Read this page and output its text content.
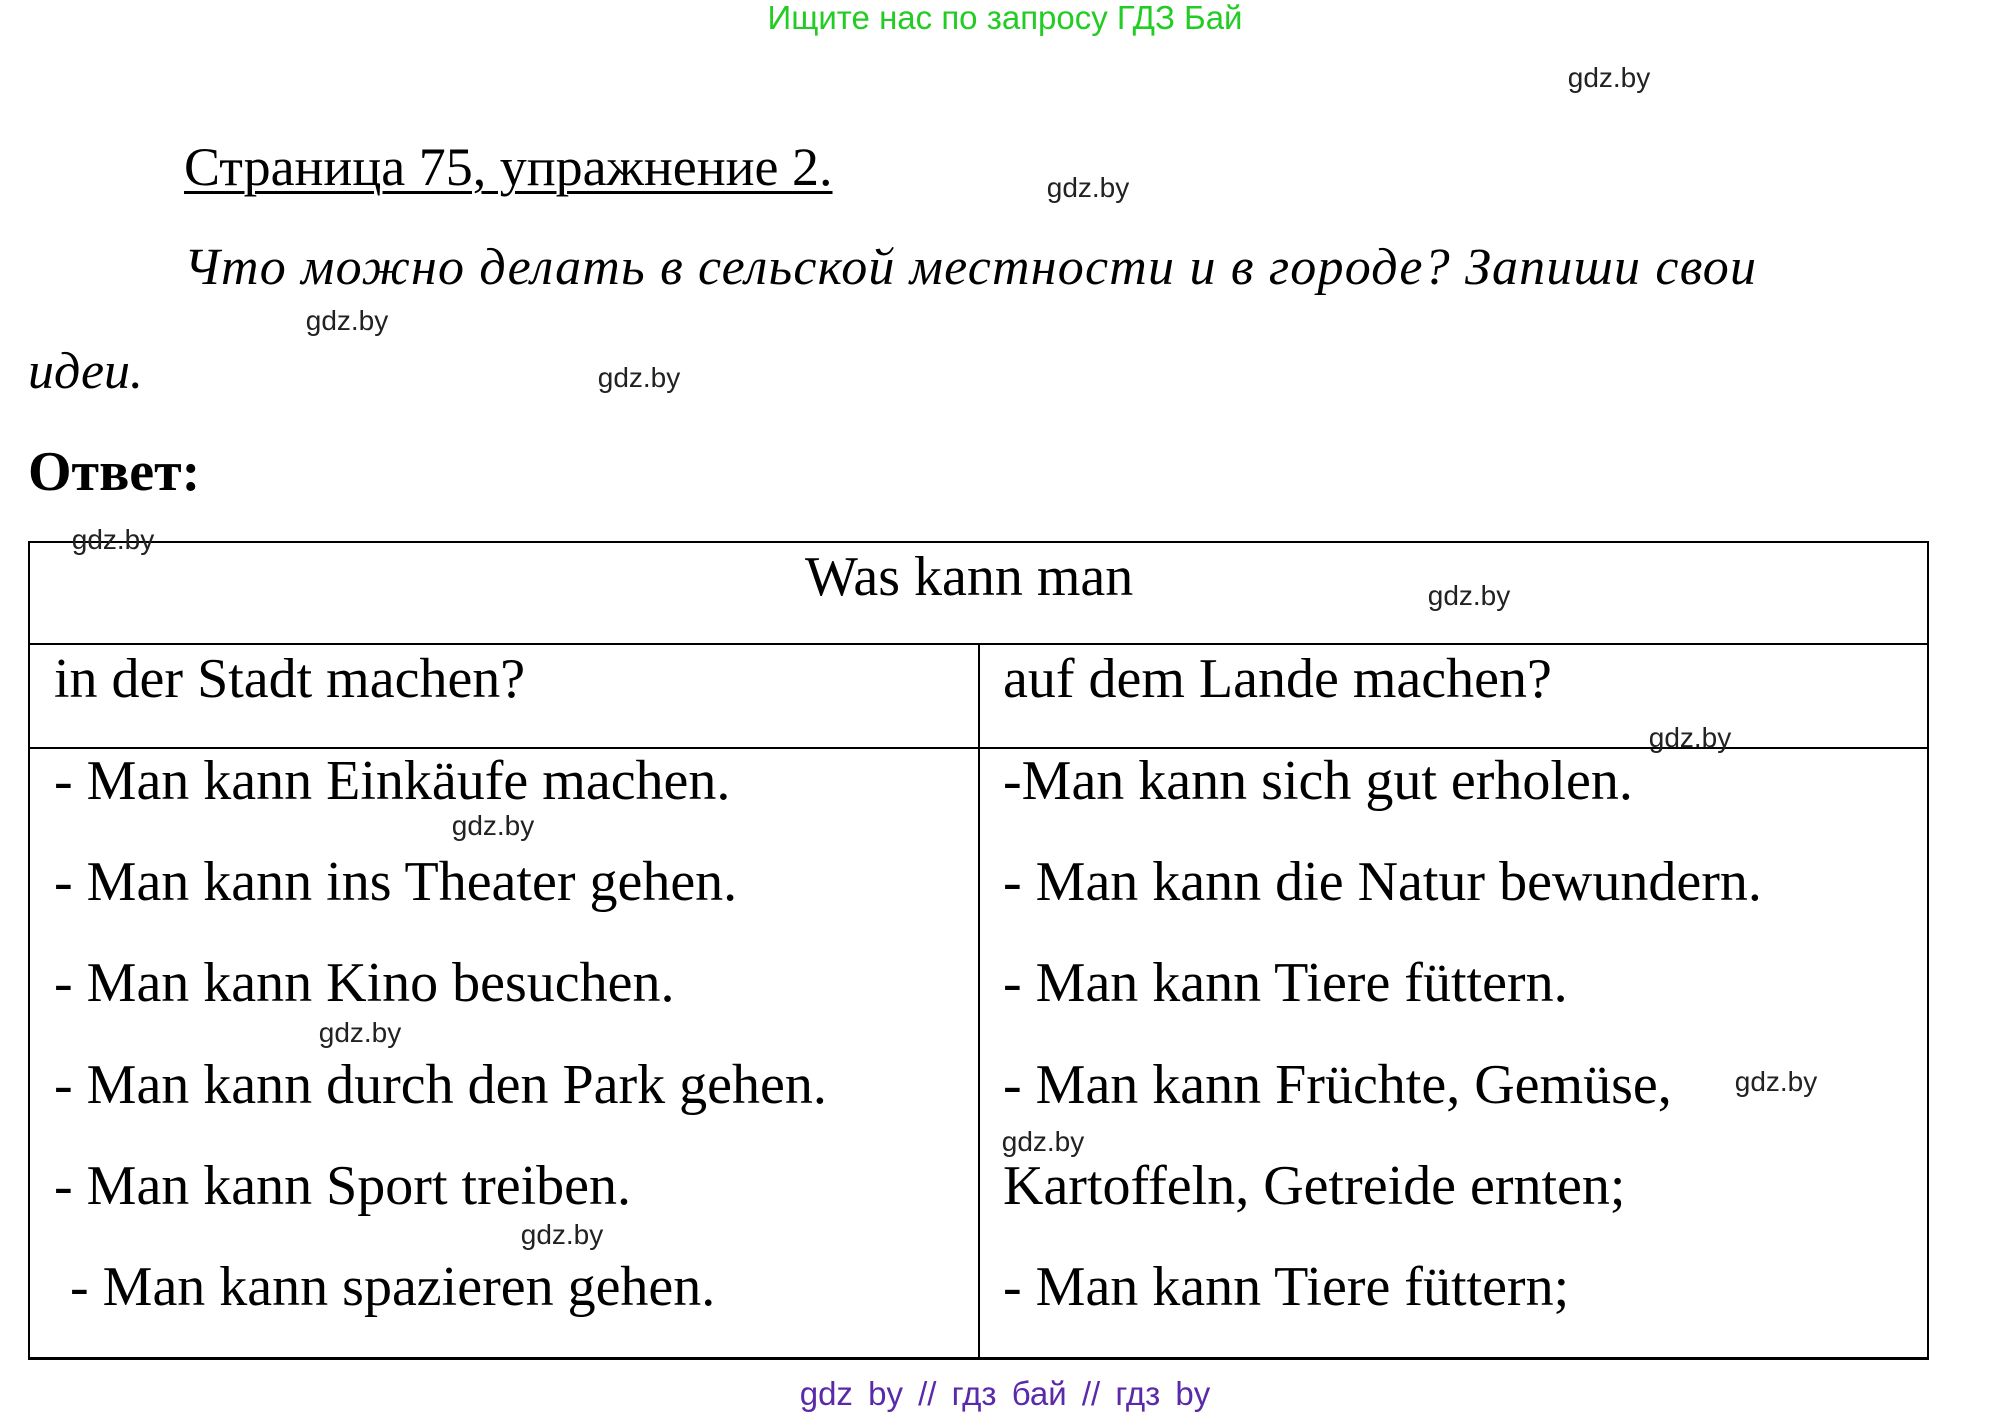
Ищите нас по запросу ГДЗ Бай
Страница 75, упражнение 2.
Что можно делать в сельской местности и в городе? Запиши свои
идеи.
Ответ:
Was kann man
in der Stadt machen?	auf dem Lande machen?
- Man kann Einkäufe machen.
- Man kann ins Theater gehen.
- Man kann Kino besuchen.
- Man kann durch den Park gehen.
- Man kann Sport treiben.
- Man kann spazieren gehen.
-Man kann sich gut erholen.
- Man kann die Natur bewundern.
- Man kann Tiere füttern.
- Man kann Früchte, Gemüse,
Kartoffeln, Getreide ernten;
- Man kann Tiere füttern;
gdz.by
gdz.by
gdz.by
gdz.by
gdz.by
gdz.by
gdz.by
gdz.by
gdz.by
gdz.by
gdz.by
gdz.by
gdz by // гдз бай // гдз by
